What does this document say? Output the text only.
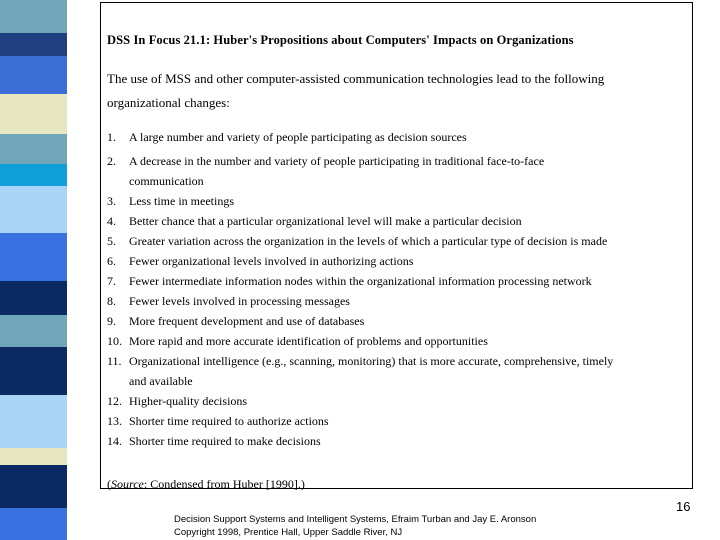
DSS In Focus 21.1: Huber's Propositions about Computers' Impacts on Organizations
The use of MSS and other computer-assisted communication technologies lead to the following
organizational changes:
1. A large number and variety of people participating as decision sources
2. A decrease in the number and variety of people participating in traditional face-to-face
communication
3. Less time in meetings
4. Better chance that a particular organizational level will make a particular decision
5. Greater variation across the organization in the levels of which a particular type of decision is made
6. Fewer organizational levels involved in authorizing actions
7. Fewer intermediate information nodes within the organizational information processing network
8. Fewer levels involved in processing messages
9. More frequent development and use of databases
10. More rapid and more accurate identification of problems and opportunities
11. Organizational intelligence (e.g., scanning, monitoring) that is more accurate, comprehensive, timely
and available
12. Higher-quality decisions
13. Shorter time required to authorize actions
14. Shorter time required to make decisions
(Source: Condensed from Huber [1990].)
16
Decision Support Systems and Intelligent Systems, Efraim Turban and Jay E. Aronson
Copyright 1998, Prentice Hall, Upper Saddle River, NJ
